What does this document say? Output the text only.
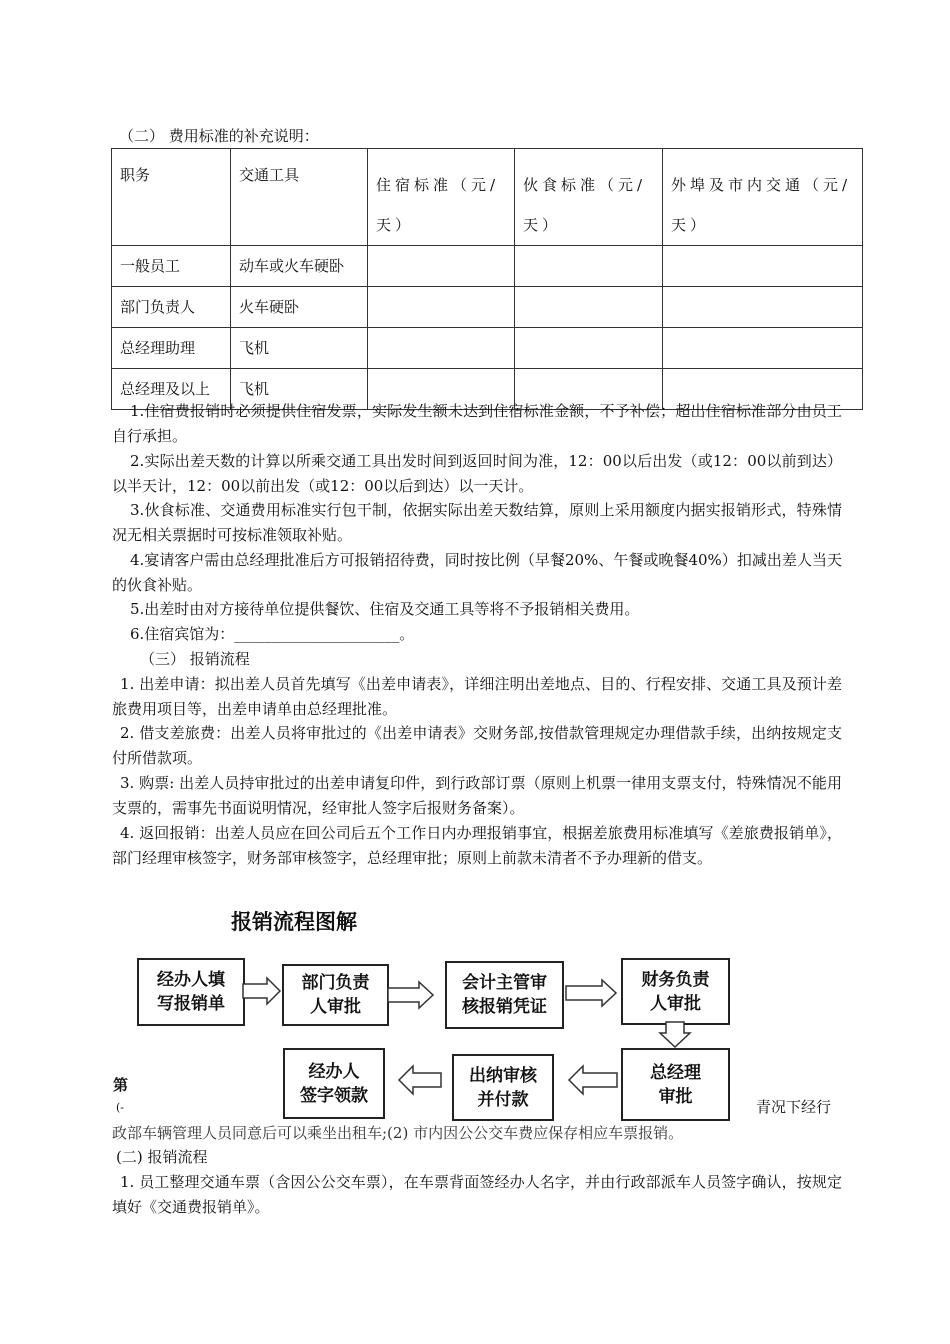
（二） 费用标准的补充说明：
职务	交通工具	住宿标准（元/天）	伙食标准（元/天）	外埠及市内交通（元/天）
一般员工	动车或火车硬卧			
部门负责人	火车硬卧			
总经理助理	飞机			
总经理及以上	飞机			
1.住宿费报销时必须提供住宿发票，实际发生额未达到住宿标准金额，不予补偿；超出住宿标准部分由员工自行承担。
2.实际出差天数的计算以所乘交通工具出发时间到返回时间为准，12：00以后出发（或12：00以前到达）以半天计，12：00以前出发（或12：00以后到达）以一天计。
3.伙食标准、交通费用标准实行包干制，依据实际出差天数结算，原则上采用额度内据实报销形式，特殊情况无相关票据时可按标准领取补贴。
4.宴请客户需由总经理批准后方可报销招待费，同时按比例（早餐20%、午餐或晚餐40%）扣减出差人当天的伙食补贴。
5.出差时由对方接待单位提供餐饮、住宿及交通工具等将不予报销相关费用。
6.住宿宾馆为：______________________。
（三） 报销流程
1. 出差申请：拟出差人员首先填写《出差申请表》，详细注明出差地点、目的、行程安排、交通工具及预计差旅费用项目等，出差申请单由总经理批准。
2. 借支差旅费：出差人员将审批过的《出差申请表》交财务部,按借款管理规定办理借款手续，出纳按规定支付所借款项。
3. 购票: 出差人员持审批过的出差申请复印件，到行政部订票（原则上机票一律用支票支付，特殊情况不能用支票的，需事先书面说明情况，经审批人签字后报财务备案）。
4. 返回报销：出差人员应在回公司后五个工作日内办理报销事宜，根据差旅费用标准填写《差旅费报销单》，部门经理审核签字，财务部审核签字，总经理审批；原则上前款未清者不予办理新的借支。
报销流程图解
经办人填
写报销单
部门负责
人审批
会计主管审
核报销凭证
财务负责
人审批
总经理
审批
出纳审核
并付款
经办人
签字领款
第
(-	青况下经行
政部车辆管理人员同意后可以乘坐出租车;(2) 市内因公公交车费应保存相应车票报销。
(二) 报销流程
1. 员工整理交通车票（含因公公交车票），在车票背面签经办人名字，并由行政部派车人员签字确认，按规定填好《交通费报销单》。
